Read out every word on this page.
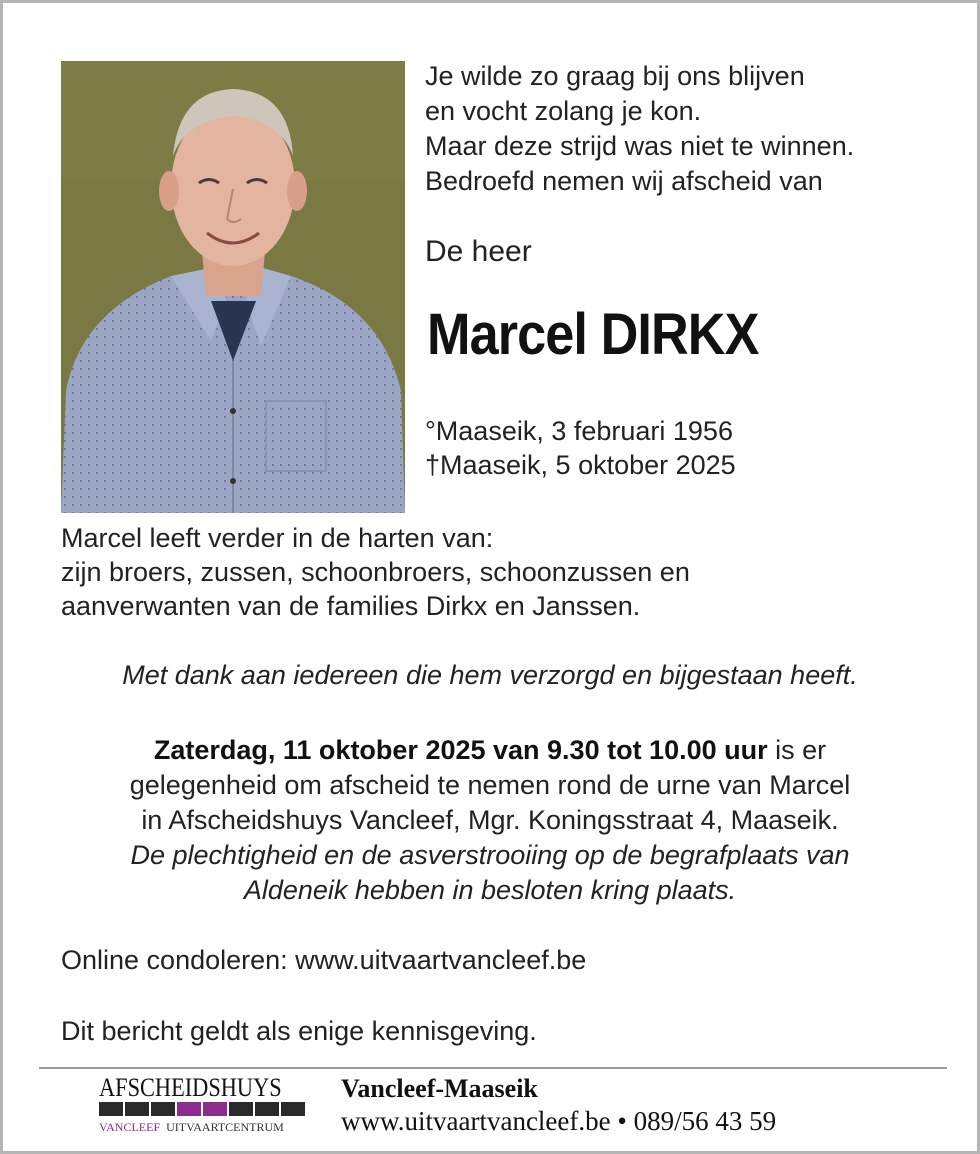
Je wilde zo graag bij ons blijven
en vocht zolang je kon.
Maar deze strijd was niet te winnen.
Bedroefd nemen wij afscheid van
De heer
Marcel DIRKX
°Maaseik, 3 februari 1956
†Maaseik, 5 oktober 2025
Marcel leeft verder in de harten van:
zijn broers, zussen, schoonbroers, schoonzussen en
aanverwanten van de families Dirkx en Janssen.
Met dank aan iedereen die hem verzorgd en bijgestaan heeft.
Zaterdag, 11 oktober 2025 van 9.30 tot 10.00 uur is er
gelegenheid om afscheid te nemen rond de urne van Marcel
in Afscheidshuys Vancleef, Mgr. Koningsstraat 4, Maaseik.
De plechtigheid en de asverstrooiing op de begrafplaats van
Aldeneik hebben in besloten kring plaats.
Online condoleren: www.uitvaartvancleef.be
Dit bericht geldt als enige kennisgeving.
AFSCHEIDSHUYS
VANCLEEF UITVAARTCENTRUM
Vancleef-Maaseik
www.uitvaartvancleef.be • 089/56 43 59
